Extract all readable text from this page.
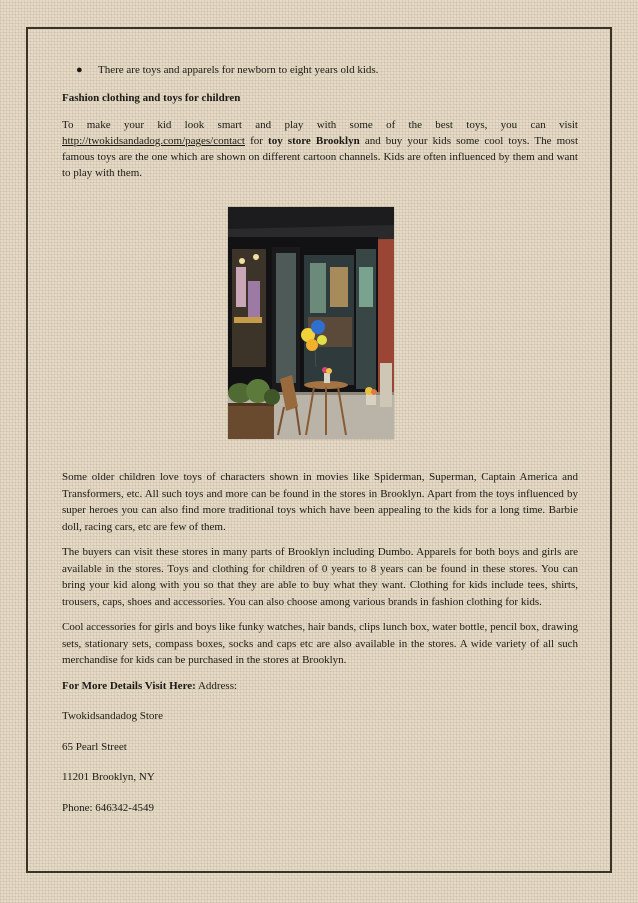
●	There are toys and apparels for newborn to eight years old kids.
Fashion clothing and toys for children

To make your kid look smart and play with some of the best toys, you can visit http://twokidsandadog.com/pages/contact for toy store Brooklyn and buy your kids some cool toys. The most famous toys are the one which are shown on different cartoon channels. Kids are often influenced by them and want to play with them.

Some older children love toys of characters shown in movies like Spiderman, Superman, Captain America and Transformers, etc. All such toys and more can be found in the stores in Brooklyn. Apart from the toys influenced by super heroes you can also find more traditional toys which have been appealing to the kids for a long time. Barbie doll, racing cars, etc are few of them.

The buyers can visit these stores in many parts of Brooklyn including Dumbo. Apparels for both boys and girls are available in the stores. Toys and clothing for children of 0 years to 8 years can be found in these stores. You can bring your kid along with you so that they are able to buy what they want. Clothing for kids include tees, shirts, trousers, caps, shoes and accessories. You can also choose among various brands in fashion clothing for kids.

Cool accessories for girls and boys like funky watches, hair bands, clips lunch box, water bottle, pencil box, drawing sets, stationary sets, compass boxes, socks and caps etc are also available in the stores. A wide variety of all such merchandise for kids can be purchased in the stores at Brooklyn.

For More Details Visit Here: Address:
Twokidsandadog Store
65 Pearl Street
11201 Brooklyn, NY
Phone: 646342-4549
